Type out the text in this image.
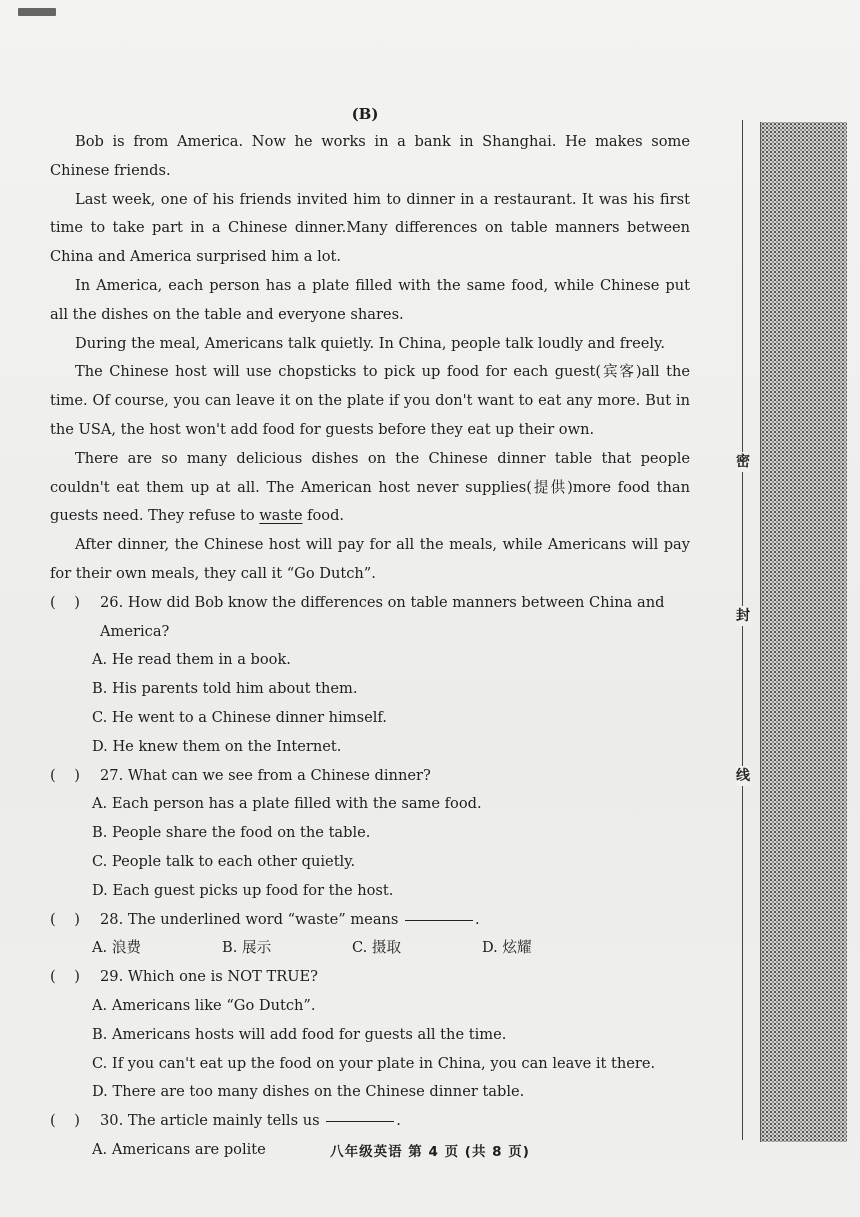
(B)

Bob is from America. Now he works in a bank in Shanghai. He makes some Chinese friends.

Last week, one of his friends invited him to dinner in a restaurant. It was his first time to take part in a Chinese dinner.Many differences on table manners between China and America surprised him a lot.

In America, each person has a plate filled with the same food, while Chinese put all the dishes on the table and everyone shares.

During the meal, Americans talk quietly. In China, people talk loudly and freely.

The Chinese host will use chopsticks to pick up food for each guest(宾客)all the time. Of course, you can leave it on the plate if you don't want to eat any more. But in the USA, the host won't add food for guests before they eat up their own.

There are so many delicious dishes on the Chinese dinner table that people couldn't eat them up at all. The American host never supplies(提供)more food than guests need. They refuse to waste food.

After dinner, the Chinese host will pay for all the meals, while Americans will pay for their own meals, they call it “Go Dutch”.

(    )	26. How did Bob know the differences on table manners between China and America?

A. He read them in a book.

B. His parents told him about them.

C. He went to a Chinese dinner himself.

D. He knew them on the Internet.

(    )	27. What can we see from a Chinese dinner?

A. Each person has a plate filled with the same food.

B. People share the food on the table.

C. People talk to each other quietly.

D. Each guest picks up food for the host.

(    )	28. The underlined word “waste” means
	.
A. 浪费	B. 展示	C. 摄取	D. 炫耀
(    )	29. Which one is NOT TRUE?

A. Americans like “Go Dutch”.

B. Americans hosts will add food for guests all the time.

C. If you can't eat up the food on your plate in China, you can leave it there.

D. There are too many dishes on the Chinese dinner table.

(    )	30. The article mainly tells us
	.

A. Americans are polite

密
封
线
八年级英语 第 4 页 (共 8 页)
